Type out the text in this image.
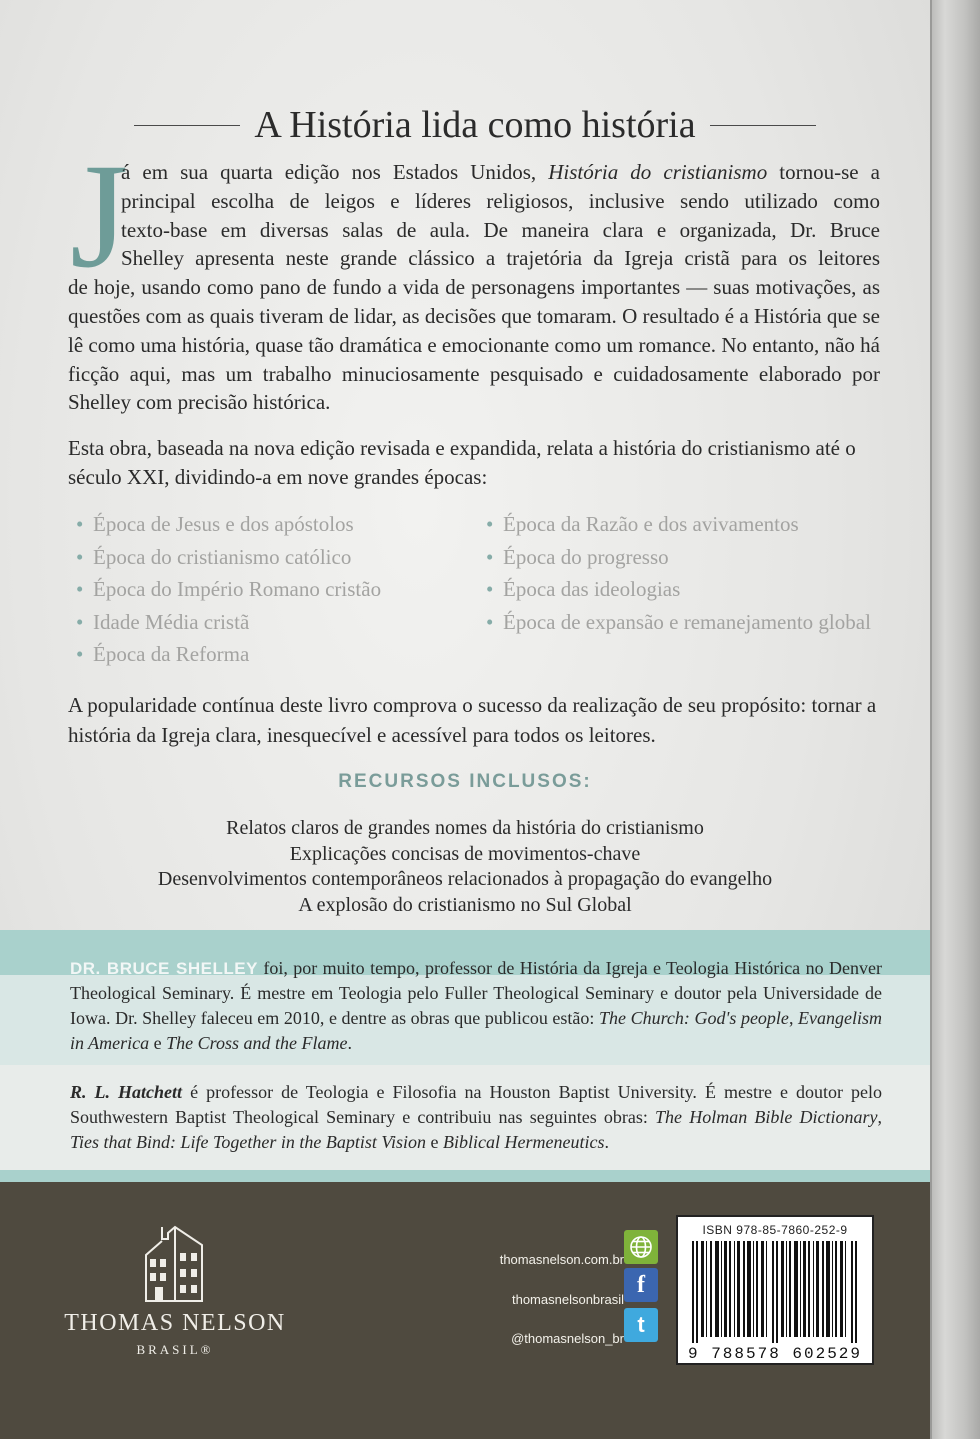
A História lida como história
J
á em sua quarta edição nos Estados Unidos, História do cristianismo tornou-se a
principal escolha de leigos e líderes religiosos, inclusive sendo utilizado como
texto-base em diversas salas de aula. De maneira clara e organizada, Dr. Bruce
Shelley apresenta neste grande clássico a trajetória da Igreja cristã para os leitores
de hoje, usando como pano de fundo a vida de personagens importantes — suas motivações, as questões com as quais tiveram de lidar, as decisões que tomaram. O resultado é a História que se lê como uma história, quase tão dramática e emocionante como um romance. No entanto, não há ficção aqui, mas um trabalho minuciosamente pesquisado e cuidadosamente elaborado por Shelley com precisão histórica.
Esta obra, baseada na nova edição revisada e expandida, relata a história do cristianismo até o século XXI, dividindo-a em nove grandes épocas:
• Época de Jesus e dos apóstolos
• Época do cristianismo católico
• Época do Império Romano cristão
• Idade Média cristã
• Época da Reforma
• Época da Razão e dos avivamentos
• Época do progresso
• Época das ideologias
• Época de expansão e remanejamento global
A popularidade contínua deste livro comprova o sucesso da realização de seu propósito: tornar a história da Igreja clara, inesquecível e acessível para todos os leitores.
RECURSOS INCLUSOS:
Relatos claros de grandes nomes da história do cristianismo
Explicações concisas de movimentos-chave
Desenvolvimentos contemporâneos relacionados à propagação do evangelho
A explosão do cristianismo no Sul Global
DR. BRUCE SHELLEY foi, por muito tempo, professor de História da Igreja e Teologia Histórica no Denver Theological Seminary. É mestre em Teologia pelo Fuller Theological Seminary e doutor pela Universidade de Iowa. Dr. Shelley faleceu em 2010, e dentre as obras que publicou estão: The Church: God's people, Evangelism in America e The Cross and the Flame.
R. L. Hatchett é professor de Teologia e Filosofia na Houston Baptist University. É mestre e doutor pelo Southwestern Baptist Theological Seminary e contribuiu nas seguintes obras: The Holman Bible Dictionary, Ties that Bind: Life Together in the Baptist Vision e Biblical Hermeneutics.
THOMAS NELSON
BRASIL®
thomasnelson.com.br
thomasnelsonbrasil
f
@thomasnelson_br
t
ISBN 978-85-7860-252-9
9 788578 602529
